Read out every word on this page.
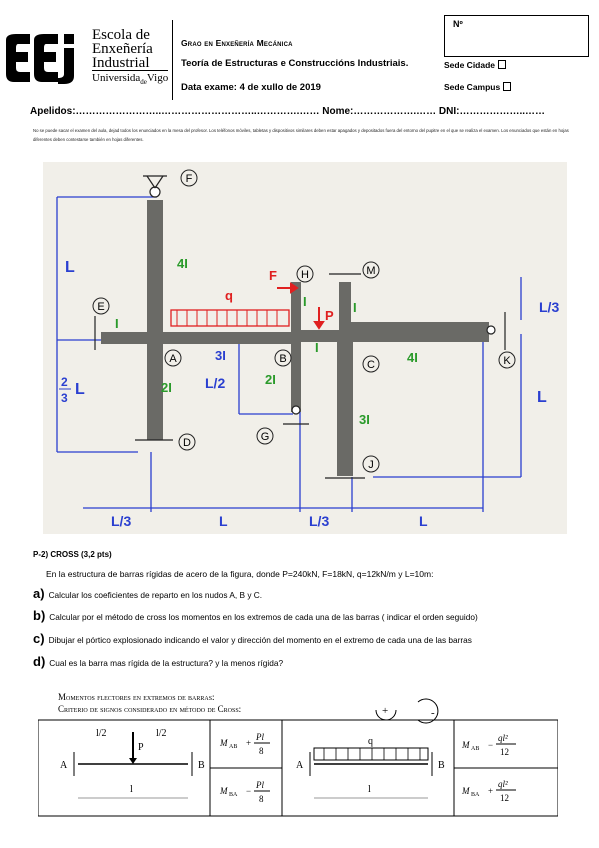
Escola de
Enxeñería
Industrial
Universida$_{de}$Vigo
Grao en Enxeñería Mecánica
Teoría de Estructuras e Construccións Industriais.
Data exame: 4 de xullo de 2019
Nº
Sede Cidade
Sede Campus
Apelidos:……………………..………………………..………….…… Nome:……………….…… DNI:………………..……
No se puede sacar el examen del aula, dejad todos los enunciados en la mesa del profesor. Los teléfonos móviles, tabletas y dispositivos similares deben estar apagados y depositados fuera del entorno del pupitre en el que se realiza el examen. Los enunciados que están en hojas diferentes deben contestarse también en hojas diferentes.
F
H	M
E
A	B	C	K
D	G
J
L	4I
F
q
P
I
I	I
I
3I
2I
2I
L/2
4I
3I
L/3
L
2
3 L
L/3	L	L/3	L
P-2) CROSS (3,2 pts)
En la estructura de barras rígidas de acero de la figura, donde P=240kN, F=18kN, q=12kN/m y L=10m:
a) Calcular los coeficientes de reparto en los nudos A, B y C.
b) Calcular por el método de cross los momentos en los extremos de cada una de las barras ( indicar el orden seguido)
c) Dibujar el pórtico explosionado indicando el valor y dirección del momento en el extremo de cada una de las barras
d) Cual es la barra mas rígida de la estructura? y la menos rígida?
Momentos flectores en extremos de barras:
Criterio de signos considerado en método de Cross:	+	-
l/2	l/2
P
A	B
l
M AB +
Pl
8
M BA −
Pl
8
q
A	B
l
M AB −
ql²
12
M BA +
ql²
12
